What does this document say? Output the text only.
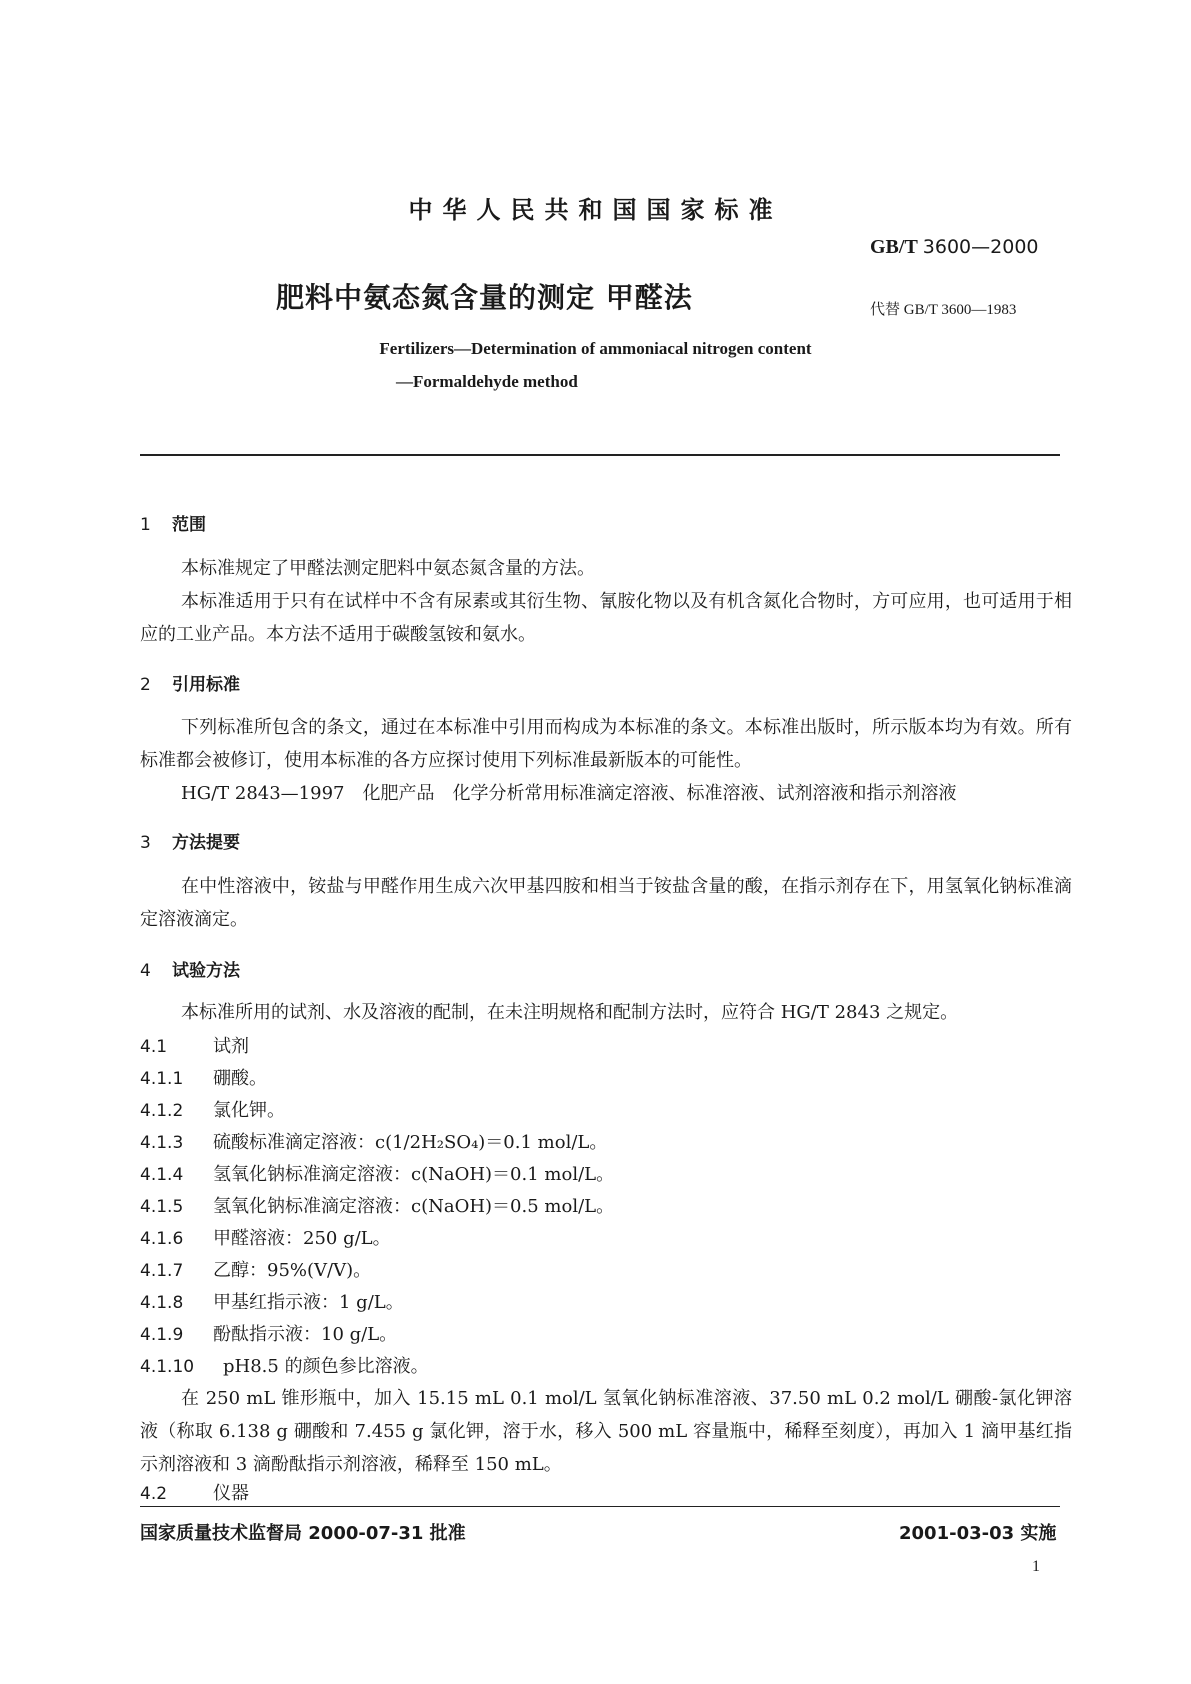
中华人民共和国国家标准
GB/T 3600—2000
肥料中氨态氮含量的测定 甲醛法	代替 GB/T 3600—1983
Fertilizers—Determination of ammoniacal nitrogen content
—Formaldehyde method
1 范围
本标准规定了甲醛法测定肥料中氨态氮含量的方法。
本标准适用于只有在试样中不含有尿素或其衍生物、氰胺化物以及有机含氮化合物时，方可应用，也可适用于相应的工业产品。本方法不适用于碳酸氢铵和氨水。
2 引用标准
下列标准所包含的条文，通过在本标准中引用而构成为本标准的条文。本标准出版时，所示版本均为有效。所有标准都会被修订，使用本标准的各方应探讨使用下列标准最新版本的可能性。
HG/T 2843—1997　化肥产品　化学分析常用标准滴定溶液、标准溶液、试剂溶液和指示剂溶液
3 方法提要
在中性溶液中，铵盐与甲醛作用生成六次甲基四胺和相当于铵盐含量的酸，在指示剂存在下，用氢氧化钠标准滴定溶液滴定。
4 试验方法
本标准所用的试剂、水及溶液的配制，在未注明规格和配制方法时，应符合 HG/T 2843 之规定。
4.1	试剂
4.1.1 硼酸。
4.1.2 氯化钾。
4.1.3 硫酸标准滴定溶液：c(1/2H₂SO₄)＝0.1 mol/L。
4.1.4 氢氧化钠标准滴定溶液：c(NaOH)＝0.1 mol/L。
4.1.5 氢氧化钠标准滴定溶液：c(NaOH)＝0.5 mol/L。
4.1.6 甲醛溶液：250 g/L。
4.1.7 乙醇：95%(V/V)。
4.1.8 甲基红指示液：1 g/L。
4.1.9 酚酞指示液：10 g/L。
4.1.10 pH8.5 的颜色参比溶液。
在 250 mL 锥形瓶中，加入 15.15 mL 0.1 mol/L 氢氧化钠标准溶液、37.50 mL 0.2 mol/L 硼酸-氯化钾溶液（称取 6.138 g 硼酸和 7.455 g 氯化钾，溶于水，移入 500 mL 容量瓶中，稀释至刻度），再加入 1 滴甲基红指示剂溶液和 3 滴酚酞指示剂溶液，稀释至 150 mL。
4.2	仪器
国家质量技术监督局 2000-07-31 批准	2001-03-03 实施
1
